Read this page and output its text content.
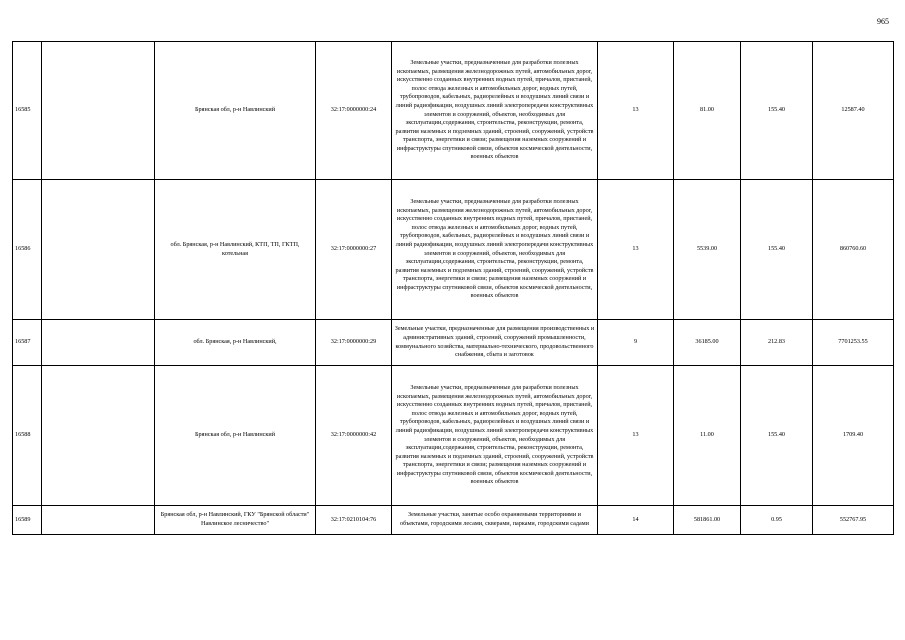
965
16585		Брянская обл, р-н Навлинский	32:17:0000000:24	Земельные участки, предназначенные для разработки полезных ископаемых, размещения железнодорожных путей, автомобильных дорог, искусственно созданных внутренних водных путей, причалов, пристаней, полос отвода железных и автомобильных дорог, водных путей, трубопроводов, кабельных, радиорелейных и воздушных линий связи и линий радиофикации, воздушных линий электропередачи конструктивных элементов и сооружений, объектов, необходимых для эксплуатации,содержания, строительства, реконструкции, ремонта, развития наземных и подземных зданий, строений, сооружений, устройств транспорта, энергетики и связи; размещения наземных сооружений и инфраструктуры спутниковой связи, объектов космической деятельности, военных объектов	13	81.00	155.40	12587.40
16586		обл. Брянская, р-н Навлинский, КТП, ТП, ГКТП, котельная	32:17:0000000:27	Земельные участки, предназначенные для разработки полезных ископаемых, размещения железнодорожных путей, автомобильных дорог, искусственно созданных внутренних водных путей, причалов, пристаней, полос отвода железных и автомобильных дорог, водных путей, трубопроводов, кабельных, радиорелейных и воздушных линий связи и линий радиофикации, воздушных линий электропередачи конструктивных элементов и сооружений, объектов, необходимых для эксплуатации,содержания, строительства, реконструкции, ремонта, развития наземных и подземных зданий, строений, сооружений, устройств транспорта, энергетики и связи; размещения наземных сооружений и инфраструктуры спутниковой связи, объектов космической деятельности, военных объектов	13	5539.00	155.40	860760.60
16587		обл. Брянская, р-н Навлинский,	32:17:0000000:29	Земельные участки, предназначенные для размещения производственных и административных зданий, строений, сооружений промышленности, коммунального хозяйства, материально-технического, продовольственного снабжения, сбыта и заготовок	9	36185.00	212.83	7701253.55
16588		Брянская обл, р-н Навлинский	32:17:0000000:42	Земельные участки, предназначенные для разработки полезных ископаемых, размещения железнодорожных путей, автомобильных дорог, искусственно созданных внутренних водных путей, причалов, пристаней, полос отвода железных и автомобильных дорог, водных путей, трубопроводов, кабельных, радиорелейных и воздушных линий связи и линий радиофикации, воздушных линий электропередачи конструктивных элементов и сооружений, объектов, необходимых для эксплуатации,содержания, строительства, реконструкции, ремонта, развития наземных и подземных зданий, строений, сооружений, устройств транспорта, энергетики и связи; размещения наземных сооружений и инфраструктуры спутниковой связи, объектов космической деятельности, военных объектов	13	11.00	155.40	1709.40
16589		Брянская обл, р-н Навлинский, ГКУ "Брянской области" Навлинское лесничество"	32:17:0210104:76	Земельные участки, занятые особо охраняемыми территориями и объектами, городскими лесами, скверами, парками, городскими садами	14	581861.00	0.95	552767.95
